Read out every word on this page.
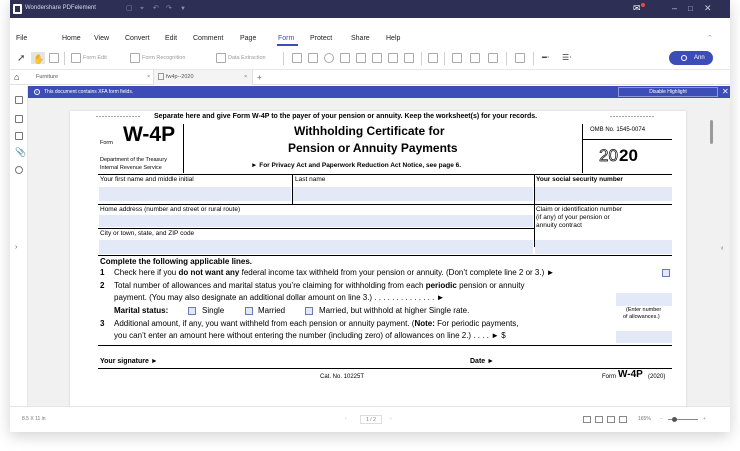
Wondershare PDFelement	▢ ⌖ ↶ ↷ ▼	✉	– □ ✕
File	Home View Convert Edit Comment Page	Form Protect	Share Help	⌃
➚ ✋	Form Edit	Form Recognition	Data Extraction	━⋅ ☰⋅	Ann
⌂	Furniture	×	fw4p--2020	× +
📎
›
i	This document contains XFA form fields.	Disable Highlight	✕
‹
--------------- Separate here and give Form W-4P to the payer of your pension or annuity. Keep the worksheet(s) for your records.	---------------
Form W-4P
Department of the Treasury
Internal Revenue Service
Withholding Certificate for
Pension or Annuity Payments
► For Privacy Act and Paperwork Reduction Act Notice, see page 6.
OMB No. 1545-0074
20 20
Your first name and middle initial	Last name	Your social security number
Home address (number and street or rural route)	Claim or identification number
(if any) of your pension or
annuity contract
City or town, state, and ZIP code
Complete the following applicable lines.
1 Check here if you do not want any federal income tax withheld from your pension or annuity. (Don’t complete line 2 or 3.) ►
2 Total number of allowances and marital status you’re claiming for withholding from each periodic pension or annuity
payment. (You may also designate an additional dollar amount on line 3.) . . . . . . . . . . . . . . ►
Marital status:	Single	Married	Married, but withhold at higher Single rate.	(Enter number
of allowances.)
3 Additional amount, if any, you want withheld from each pension or annuity payment. (Note: For periodic payments,
you can’t enter an amount here without entering the number (including zero) of allowances on line 2.) . . . . ► $
Your signature ►	Date ►
Cat. No. 10225T	Form W-4P (2020)
8.5 X 11 in	‹	1 / 2	›	165% −	+
